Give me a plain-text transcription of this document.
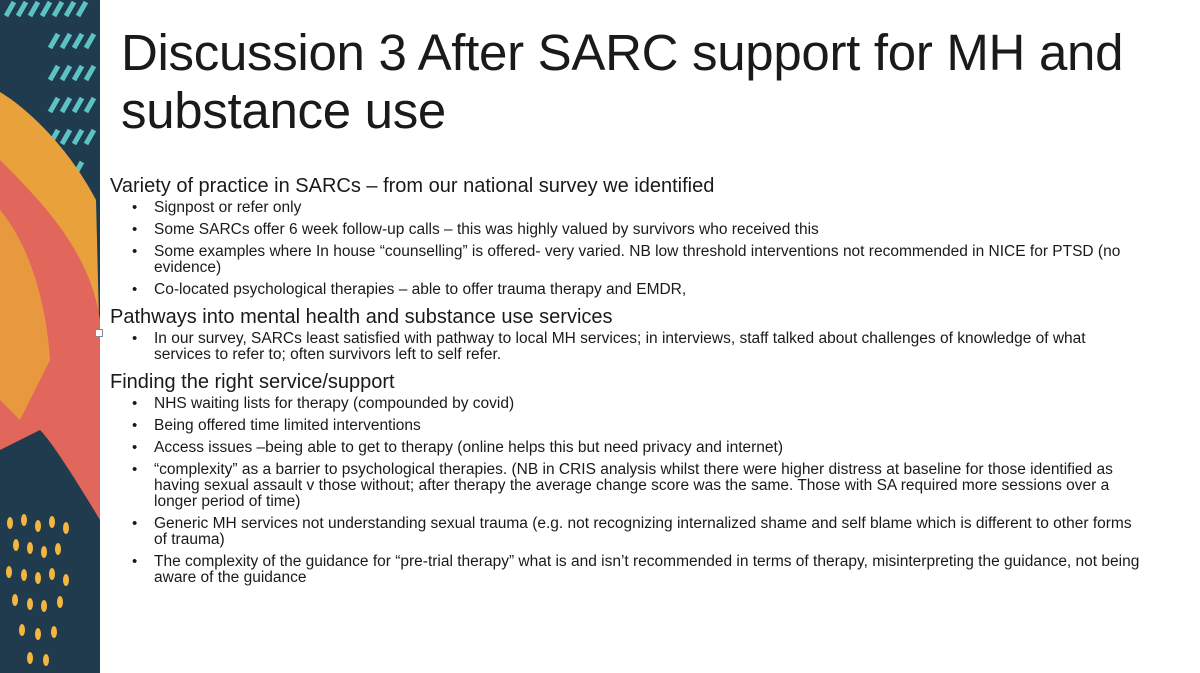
Discussion 3 After SARC support for MH and substance use

Variety of practice in SARCs – from our national survey we identified

• Signpost or refer only
• Some SARCs offer 6 week follow-up calls – this was highly valued by survivors who received this
• Some examples where In house “counselling” is offered- very varied. NB low threshold interventions not recommended in NICE for PTSD (no evidence)
• Co-located psychological therapies – able to offer trauma therapy and EMDR,

Pathways into mental health and substance use services

• In our survey, SARCs least satisfied with pathway to local MH services; in interviews, staff talked about challenges of knowledge of what services to refer to; often survivors left to self refer.

Finding the right service/support

• NHS waiting lists for therapy (compounded by covid)
• Being offered time limited interventions
• Access issues –being able to get to therapy (online helps this but need privacy and internet)
• “complexity” as a barrier to psychological therapies. (NB in CRIS analysis whilst there were higher distress at baseline for those identified as having sexual assault v those without; after therapy the average change score was the same. Those with SA required more sessions over a longer period of time)
• Generic MH services not understanding sexual trauma (e.g. not recognizing internalized shame and self blame which is different to other forms of trauma)
• The complexity of the guidance for “pre-trial therapy” what is and isn’t recommended in terms of therapy, misinterpreting the guidance, not being aware of the guidance
